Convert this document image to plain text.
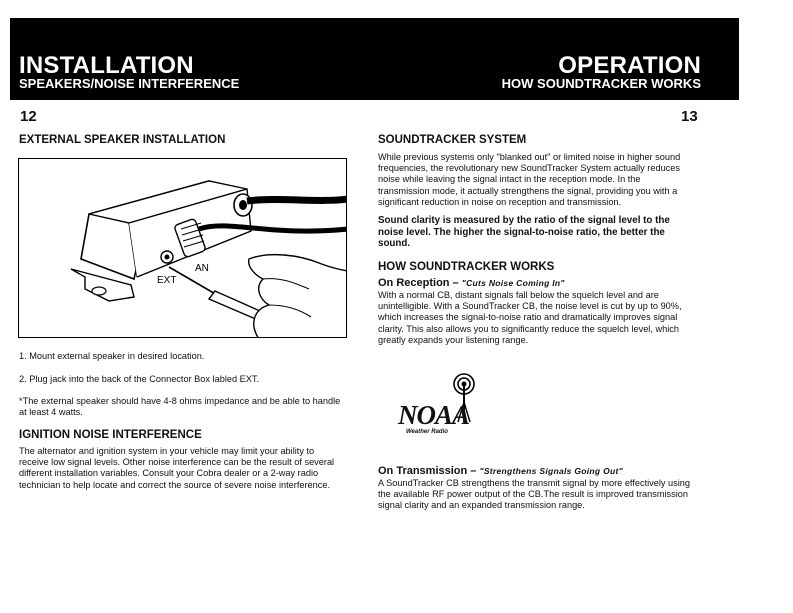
INSTALLATION
SPEAKERS/NOISE INTERFERENCE
OPERATION
HOW SOUNDTRACKER WORKS
12	13
EXTERNAL SPEAKER INSTALLATION
EXT
AN
1. Mount external speaker in desired location.
2. Plug jack into the back of the Connector Box labled EXT.
*The external speaker should have 4-8 ohms impedance and be able to handle at least 4 watts.
IGNITION NOISE INTERFERENCE
The alternator and ignition system in your vehicle may limit your ability to receive low signal levels. Other noise interference can be the result of several different installation variables. Consult your Cobra dealer or a 2-way radio technician to help locate and correct the source of severe noise interference.
SOUNDTRACKER SYSTEM
While previous systems only "blanked out" or limited noise in higher sound frequencies, the revolutionary new SoundTracker System actually reduces noise while leaving the signal intact in the reception mode. In the transmission mode, it actually strengthens the signal, providing you with a significant reduction in noise on reception and transmission.
Sound clarity is measured by the ratio of the signal level to the noise level. The higher the signal-to-noise ratio, the better the sound.
HOW SOUNDTRACKER WORKS
On Reception – "Cuts Noise Coming In"
With a normal CB, distant signals fall below the squelch level and are unintelligible. With a SoundTracker CB, the noise level is cut by up to 90%, which increases the signal-to-noise ratio and dramatically improves signal clarity. This also allows you to significantly reduce the squelch level, which greatly expands your listening range.
NOAA
Weather Radio
On Transmission – "Strengthens Signals Going Out"
A SoundTracker CB strengthens the transmit signal by more effectively using the available RF power output of the CB.The result is improved transmission signal clarity and an expanded transmission range.
